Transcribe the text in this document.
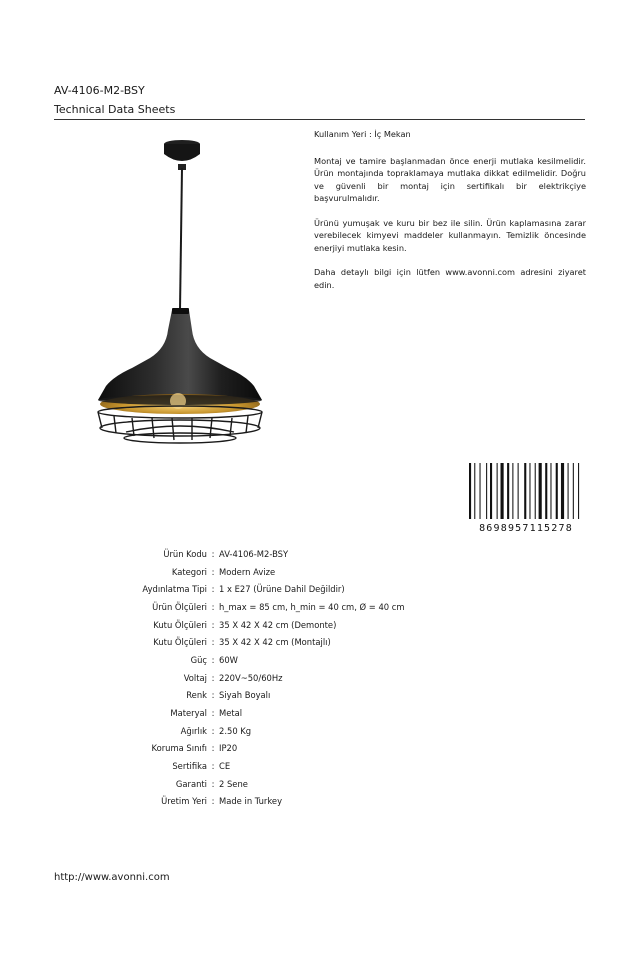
AV-4106-M2-BSY
Technical Data Sheets

Kullanım Yeri : İç Mekan

Montaj ve tamire başlanmadan önce enerji mutlaka kesilmelidir. Ürün montajında topraklamaya mutlaka dikkat edilmelidir. Doğru ve güvenli bir montaj için sertifikalı bir elektrikçiye başvurulmalıdır.

Ürünü yumuşak ve kuru bir bez ile silin. Ürün kaplamasına zarar verebilecek kimyevi maddeler kullanmayın. Temizlik öncesinde enerjiyi mutlaka kesin.

Daha detaylı bilgi için lütfen www.avonni.com adresini ziyaret edin.

8698957115278
Ürün Kodu : AV-4106-M2-BSY
Kategori : Modern Avize
Aydınlatma Tipi : 1 x E27 (Ürüne Dahil Değildir)
Ürün Ölçüleri : h_max = 85 cm, h_min = 40 cm, Ø = 40 cm
Kutu Ölçüleri : 35 X 42 X 42 cm (Demonte)
Kutu Ölçüleri : 35 X 42 X 42 cm (Montajlı)
Güç : 60W
Voltaj : 220V~50/60Hz
Renk : Siyah Boyalı
Materyal : Metal
Ağırlık : 2.50 Kg
Koruma Sınıfı : IP20
Sertifika : CE
Garanti : 2 Sene
Üretim Yeri : Made in Turkey
http://www.avonni.com
